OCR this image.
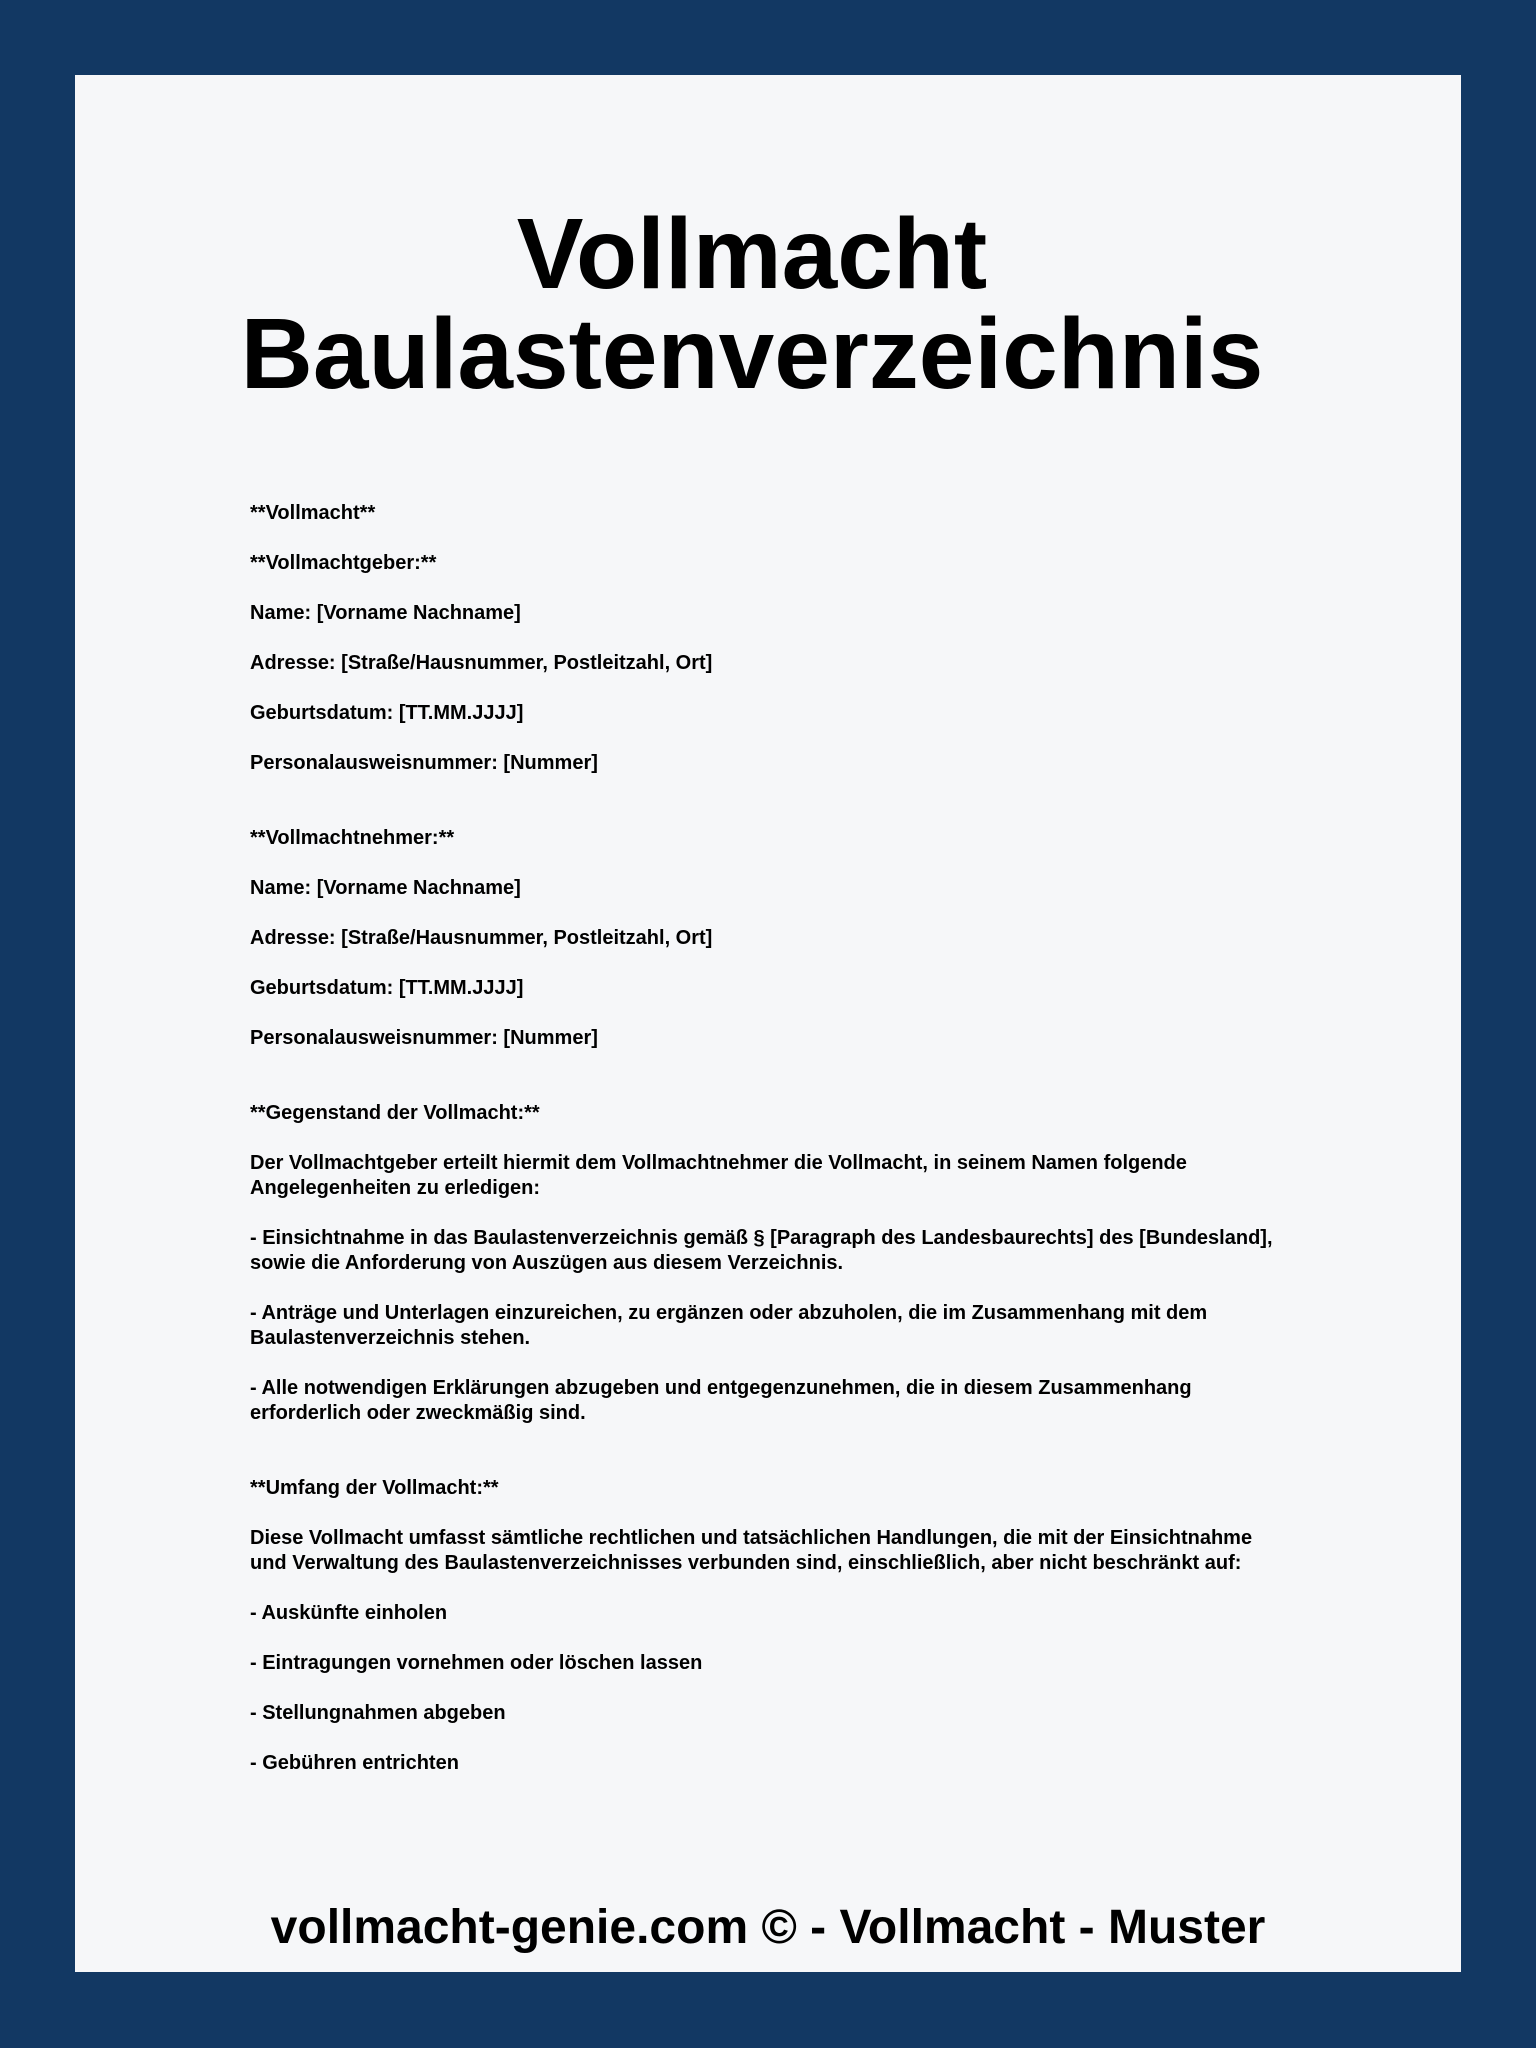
Vollmacht
Baulastenverzeichnis

**Vollmacht**

**Vollmachtgeber:**

Name: [Vorname Nachname]

Adresse: [Straße/Hausnummer, Postleitzahl, Ort]

Geburtsdatum: [TT.MM.JJJJ]

Personalausweisnummer: [Nummer]

**Vollmachtnehmer:**

Name: [Vorname Nachname]

Adresse: [Straße/Hausnummer, Postleitzahl, Ort]

Geburtsdatum: [TT.MM.JJJJ]

Personalausweisnummer: [Nummer]

**Gegenstand der Vollmacht:**

Der Vollmachtgeber erteilt hiermit dem Vollmachtnehmer die Vollmacht, in seinem Namen folgende
Angelegenheiten zu erledigen:

- Einsichtnahme in das Baulastenverzeichnis gemäß § [Paragraph des Landesbaurechts] des [Bundesland],
sowie die Anforderung von Auszügen aus diesem Verzeichnis.

- Anträge und Unterlagen einzureichen, zu ergänzen oder abzuholen, die im Zusammenhang mit dem
Baulastenverzeichnis stehen.

- Alle notwendigen Erklärungen abzugeben und entgegenzunehmen, die in diesem Zusammenhang
erforderlich oder zweckmäßig sind.

**Umfang der Vollmacht:**

Diese Vollmacht umfasst sämtliche rechtlichen und tatsächlichen Handlungen, die mit der Einsichtnahme
und Verwaltung des Baulastenverzeichnisses verbunden sind, einschließlich, aber nicht beschränkt auf:

- Auskünfte einholen

- Eintragungen vornehmen oder löschen lassen

- Stellungnahmen abgeben

- Gebühren entrichten

vollmacht-genie.com © - Vollmacht - Muster
